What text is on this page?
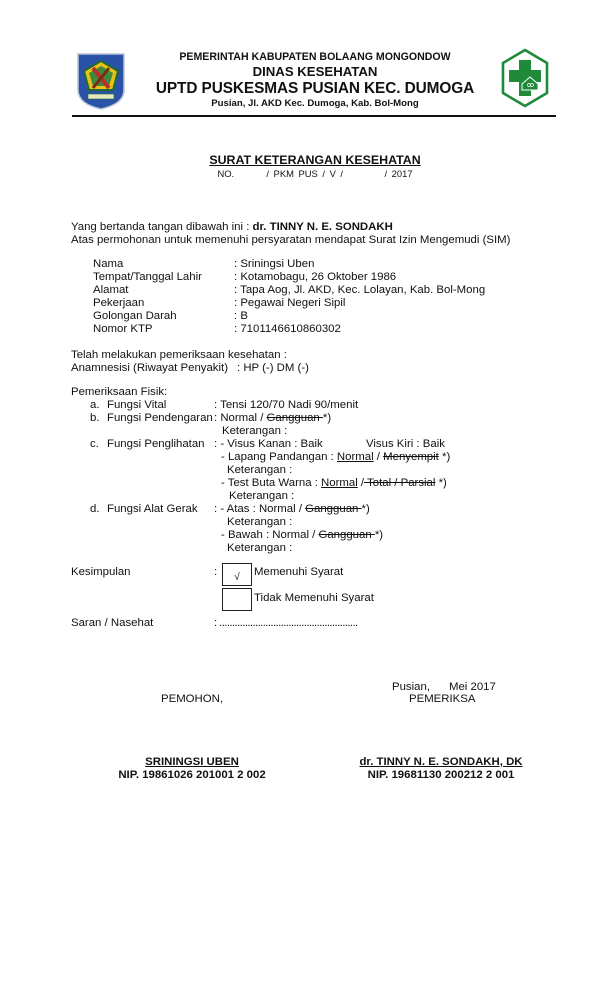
PEMERINTAH KABUPATEN BOLAANG MONGONDOW
DINAS KESEHATAN
UPTD PUSKESMAS PUSIAN KEC. DUMOGA
Pusian, Jl. AKD Kec. Dumoga, Kab. Bol-Mong
SURAT KETERANGAN KESEHATAN
NO.       / PKM PUS / V /         / 2017
Yang bertanda tangan dibawah ini : dr. TINNY N. E. SONDAKH
Atas permohonan untuk memenuhi persyaratan mendapat Surat Izin Mengemudi (SIM)
Nama	: Sriningsi Uben
Tempat/Tanggal Lahir	: Kotamobagu, 26 Oktober 1986
Alamat	: Tapa Aog, Jl. AKD, Kec. Lolayan, Kab. Bol-Mong
Pekerjaan	: Pegawai Negeri Sipil
Golongan Darah	: B
Nomor KTP	: 7101146610860302
Telah melakukan pemeriksaan kesehatan :
Anamnesisi (Riwayat Penyakit) : HP (-) DM (-)
Pemeriksaan Fisik:
a. Fungsi Vital	: Tensi 120/70 Nadi 90/menit
b. Fungsi Pendengaran : Normal / Gangguan *)
Keterangan :
c. Fungsi Penglihatan : - Visus Kanan : Baik	Visus Kiri : Baik
- Lapang Pandangan : Normal / Menyempit *)
Keterangan :
- Test Buta Warna : Normal / Total / Parsial *)
Keterangan :
d. Fungsi Alat Gerak : - Atas : Normal / Gangguan *)
Keterangan :
- Bawah : Normal / Gangguan *)
Keterangan :
Kesimpulan	: √ Memenuhi Syarat
Tidak Memenuhi Syarat
Saran / Nasehat	: ......................................................
Pusian,      Mei 2017
PEMOHON,	PEMERIKSA
SRININGSI UBEN
NIP. 19861026 201001 2 002
dr. TINNY N. E. SONDAKH, DK
NIP. 19681130 200212 2 001
